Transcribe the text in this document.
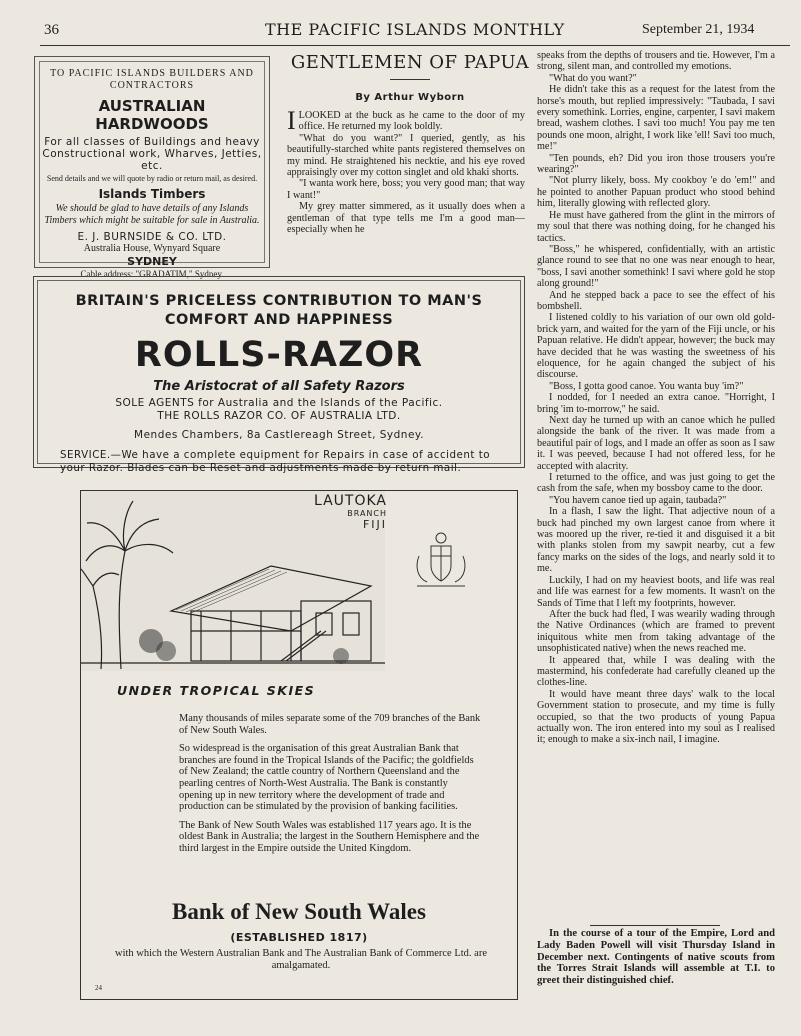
36	THE PACIFIC ISLANDS MONTHLY	September 21, 1934
TO PACIFIC ISLANDS BUILDERS AND CONTRACTORS
AUSTRALIAN HARDWOODS
For all classes of Buildings and heavy Constructional work, Wharves, Jetties, etc.
Send details and we will quote by radio or return mail, as desired.
Islands Timbers
We should be glad to have details of any Islands Timbers which might be suitable for sale in Australia.
E. J. BURNSIDE & CO. LTD.
Australia House, Wynyard Square
SYDNEY
Cable address: "GRADATIM," Sydney.
GENTLEMEN OF PAPUA
By Arthur Wyborn

ILOOKED at the buck as he came to the door of my office. He returned my look boldly.

"What do you want?" I queried, gently, as his beautifully-starched white pants registered themselves on my mind. He straightened his necktie, and his eye roved appraisingly over my cotton singlet and old khaki shorts.

"I wanta work here, boss; you very good man; that way I want!"

My grey matter simmered, as it usually does when a gentleman of that type tells me I'm a good man—especially when he

speaks from the depths of trousers and tie. However, I'm a strong, silent man, and controlled my emotions.

"What do you want?"

He didn't take this as a request for the latest from the horse's mouth, but replied impressively: "Taubada, I savi every somethink. Lorries, engine, carpenter, I savi makem bread, washem clothes. I savi too much! You pay me ten pounds one moon, alright, I work like 'ell! Savi too much, me!"

"Ten pounds, eh? Did you iron those trousers you're wearing?"

"Not plurry likely, boss. My cookboy 'e do 'em!" and he pointed to another Papuan product who stood behind him, literally glowing with reflected glory.

He must have gathered from the glint in the mirrors of my soul that there was nothing doing, for he changed his tactics.

"Boss," he whispered, confidentially, with an artistic glance round to see that no one was near enough to hear, "boss, I savi another somethink! I savi where gold he stop along ground!"

And he stepped back a pace to see the effect of his bombshell.

I listened coldly to his variation of our own old gold-brick yarn, and waited for the yarn of the Fiji uncle, or his Papuan relative. He didn't appear, however; the buck may have decided that he was wasting the sweetness of his eloquence, for he again changed the subject of his discourse.

"Boss, I gotta good canoe. You wanta buy 'im?"

I nodded, for I needed an extra canoe. "Horright, I bring 'im to-morrow," he said.

Next day he turned up with an canoe which he pulled alongside the bank of the river. It was made from a beautiful pair of logs, and I made an offer as soon as I saw it. I was peeved, because I had not offered less, for he accepted with alacrity.

I returned to the office, and was just going to get the cash from the safe, when my bossboy came to the door.

"You havem canoe tied up again, taubada?"

In a flash, I saw the light. That adjective noun of a buck had pinched my own largest canoe from where it was moored up the river, re-tied it and disguised it a bit with planks stolen from my sawpit nearby, cut a few fancy marks on the sides of the logs, and nearly sold it to me.

Luckily, I had on my heaviest boots, and life was real and life was earnest for a few moments. It wasn't on the Sands of Time that I left my footprints, however.

After the buck had fled, I was wearily wading through the Native Ordinances (which are framed to prevent iniquitous white men from taking advantage of the unsophisticated native) when the news reached me.

It appeared that, while I was dealing with the mastermind, his confederate had carefully cleaned up the clothes-line.

It would have meant three days' walk to the local Government station to prosecute, and my time is fully occupied, so that the two products of young Papua actually won. The iron entered into my soul as I realised it; enough to make a six-inch nail, I imagine.

In the course of a tour of the Empire, Lord and Lady Baden Powell will visit Thursday Island in December next. Contingents of native scouts from the Torres Strait Islands will assemble at T.I. to greet their distinguished chief.
BRITAIN'S PRICELESS CONTRIBUTION TO MAN'S
COMFORT AND HAPPINESS
ROLLS-RAZOR
The Aristocrat of all Safety Razors
SOLE AGENTS for Australia and the Islands of the Pacific.
THE ROLLS RAZOR CO. OF AUSTRALIA LTD.
Mendes Chambers, 8a Castlereagh Street, Sydney.
SERVICE.—We have a complete equipment for Repairs in case of accident to
your Razor. Blades can be Reset and adjustments made by return mail.
LAUTOKA
BRANCH
FIJI
UNDER TROPICAL SKIES

Many thousands of miles separate some of the 709 branches of the Bank of New South Wales.

So widespread is the organisation of this great Australian Bank that branches are found in the Tropical Islands of the Pacific; the goldfields of New Zealand; the cattle country of Northern Queensland and the pearling centres of North-West Australia. The Bank is constantly opening up in new territory where the development of trade and production can be stimulated by the provision of banking facilities.

The Bank of New South Wales was established 117 years ago. It is the oldest Bank in Australia; the largest in the Southern Hemisphere and the third largest in the Empire outside the United Kingdom.

Bank of New South Wales
(ESTABLISHED 1817)
with which the Western Australian Bank and The Australian Bank of Commerce Ltd. are amalgamated.
24
